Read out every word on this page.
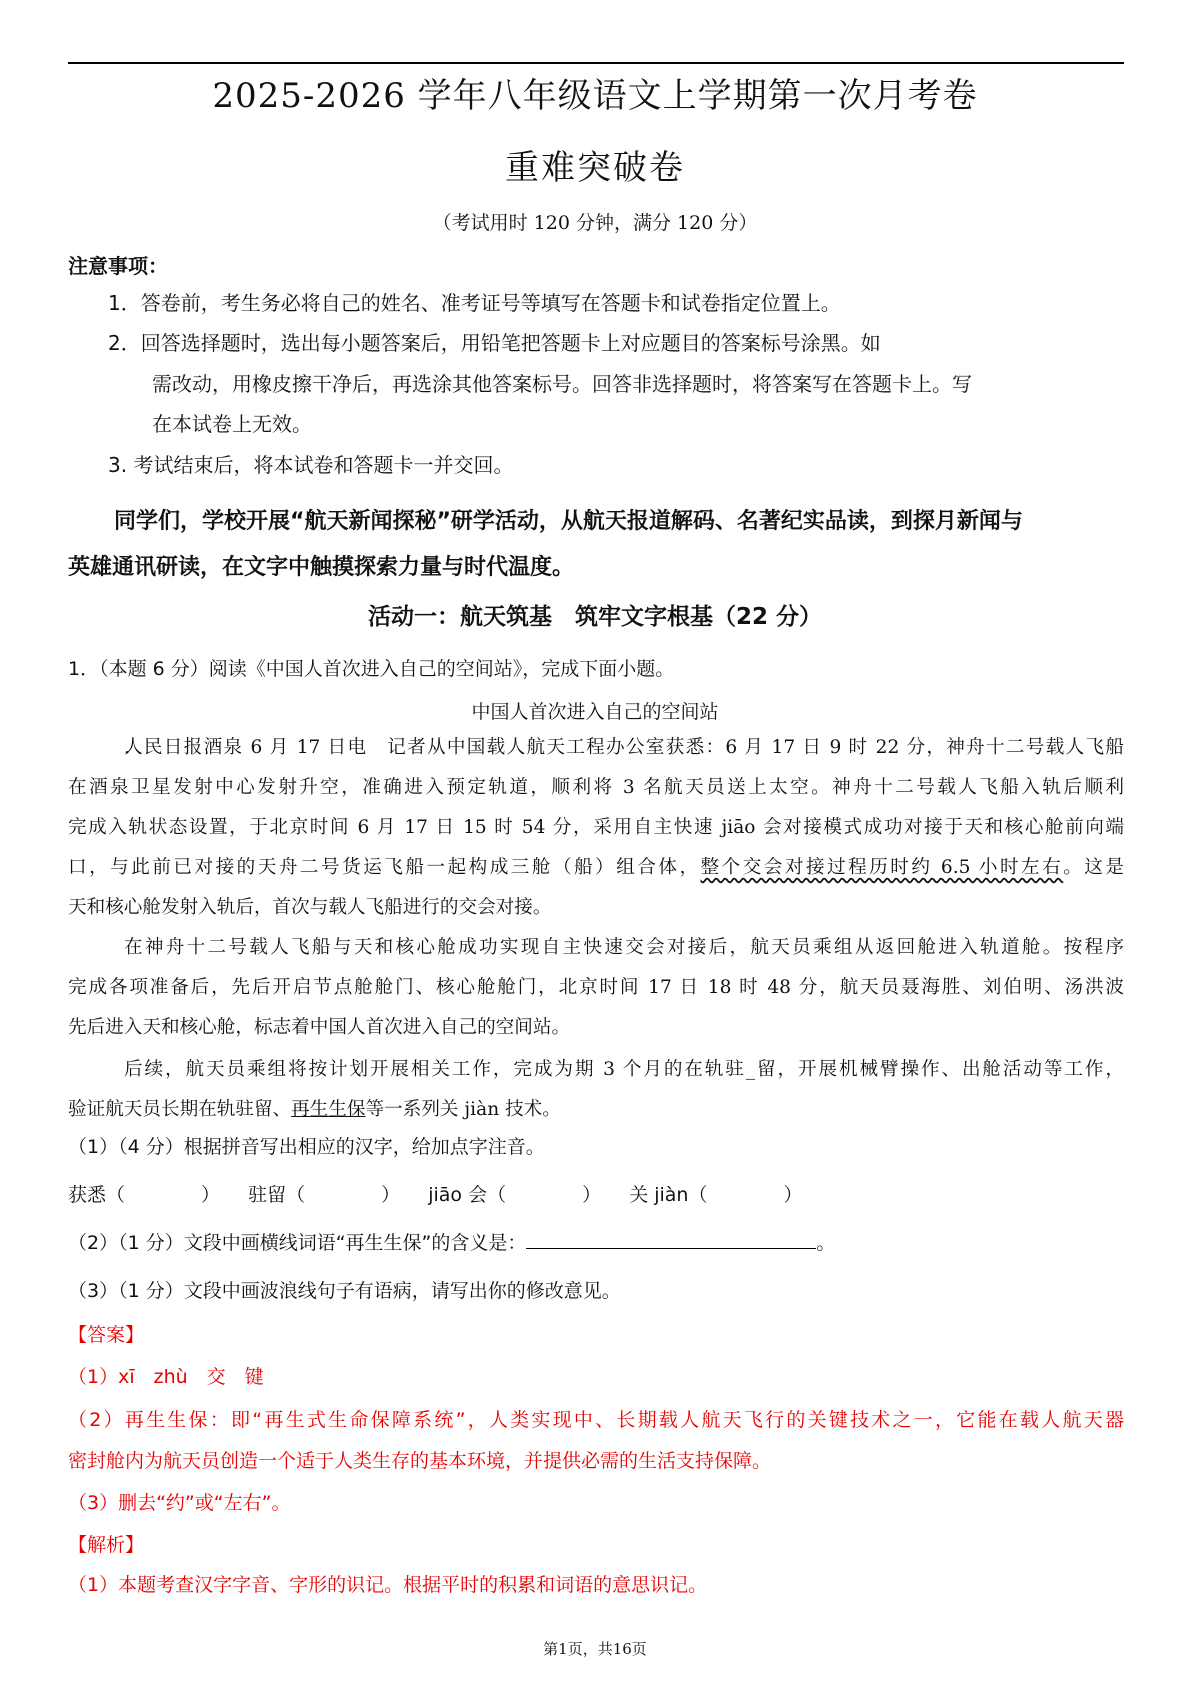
2025-2026 学年八年级语文上学期第一次月考卷
重难突破卷
（考试用时 120 分钟，满分 120 分）
注意事项：
1．答卷前，考生务必将自己的姓名、准考证号等填写在答题卡和试卷指定位置上。
2．回答选择题时，选出每小题答案后，用铅笔把答题卡上对应题目的答案标号涂黑。如
需改动，用橡皮擦干净后，再选涂其他答案标号。回答非选择题时，将答案写在答题卡上。写
在本试卷上无效。
3. 考试结束后，将本试卷和答题卡一并交回。
同学们，学校开展“航天新闻探秘”研学活动，从航天报道解码、名著纪实品读，到探月新闻与
英雄通讯研读，在文字中触摸探索力量与时代温度。
活动一：航天筑基　筑牢文字根基（22 分）
1．（本题 6 分）阅读《中国人首次进入自己的空间站》，完成下面小题。
中国人首次进入自己的空间站
人民日报酒泉 6 月 17 日电　记者从中国载人航天工程办公室获悉：6 月 17 日 9 时 22 分，神舟十二号载人飞船
在酒泉卫星发射中心发射升空，准确进入预定轨道，顺利将 3 名航天员送上太空。神舟十二号载人飞船入轨后顺利
完成入轨状态设置，于北京时间 6 月 17 日 15 时 54 分，采用自主快速 jiāo 会对接模式成功对接于天和核心舱前向端
口，与此前已对接的天舟二号货运飞船一起构成三舱（船）组合体，整个交会对接过程历时约 6.5 小时左右。这是
天和核心舱发射入轨后，首次与载人飞船进行的交会对接。
在神舟十二号载人飞船与天和核心舱成功实现自主快速交会对接后，航天员乘组从返回舱进入轨道舱。按程序
完成各项准备后，先后开启节点舱舱门、核心舱舱门，北京时间 17 日 18 时 48 分，航天员聂海胜、刘伯明、汤洪波
先后进入天和核心舱，标志着中国人首次进入自己的空间站。
后续，航天员乘组将按计划开展相关工作，完成为期 3 个月的在轨驻_留，开展机械臂操作、出舱活动等工作，
验证航天员长期在轨驻留、再生生保等一系列关 jiàn 技术。
（1）（4 分）根据拼音写出相应的汉字，给加点字注音。
获悉（　　　　） 驻留（　　　　） jiāo 会（　　　　） 关 jiàn（　　　　）
（2）（1 分）文段中画横线词语“再生生保”的含义是：	。
（3）（1 分）文段中画波浪线句子有语病，请写出你的修改意见。
【答案】
（1）xī　zhù　交　键
（2）再生生保：即“再生式生命保障系统”，人类实现中、长期载人航天飞行的关键技术之一，它能在载人航天器
密封舱内为航天员创造一个适于人类生存的基本环境，并提供必需的生活支持保障。
（3）删去“约”或“左右”。
【解析】
（1）本题考查汉字字音、字形的识记。根据平时的积累和词语的意思识记。
第1页，共16页
